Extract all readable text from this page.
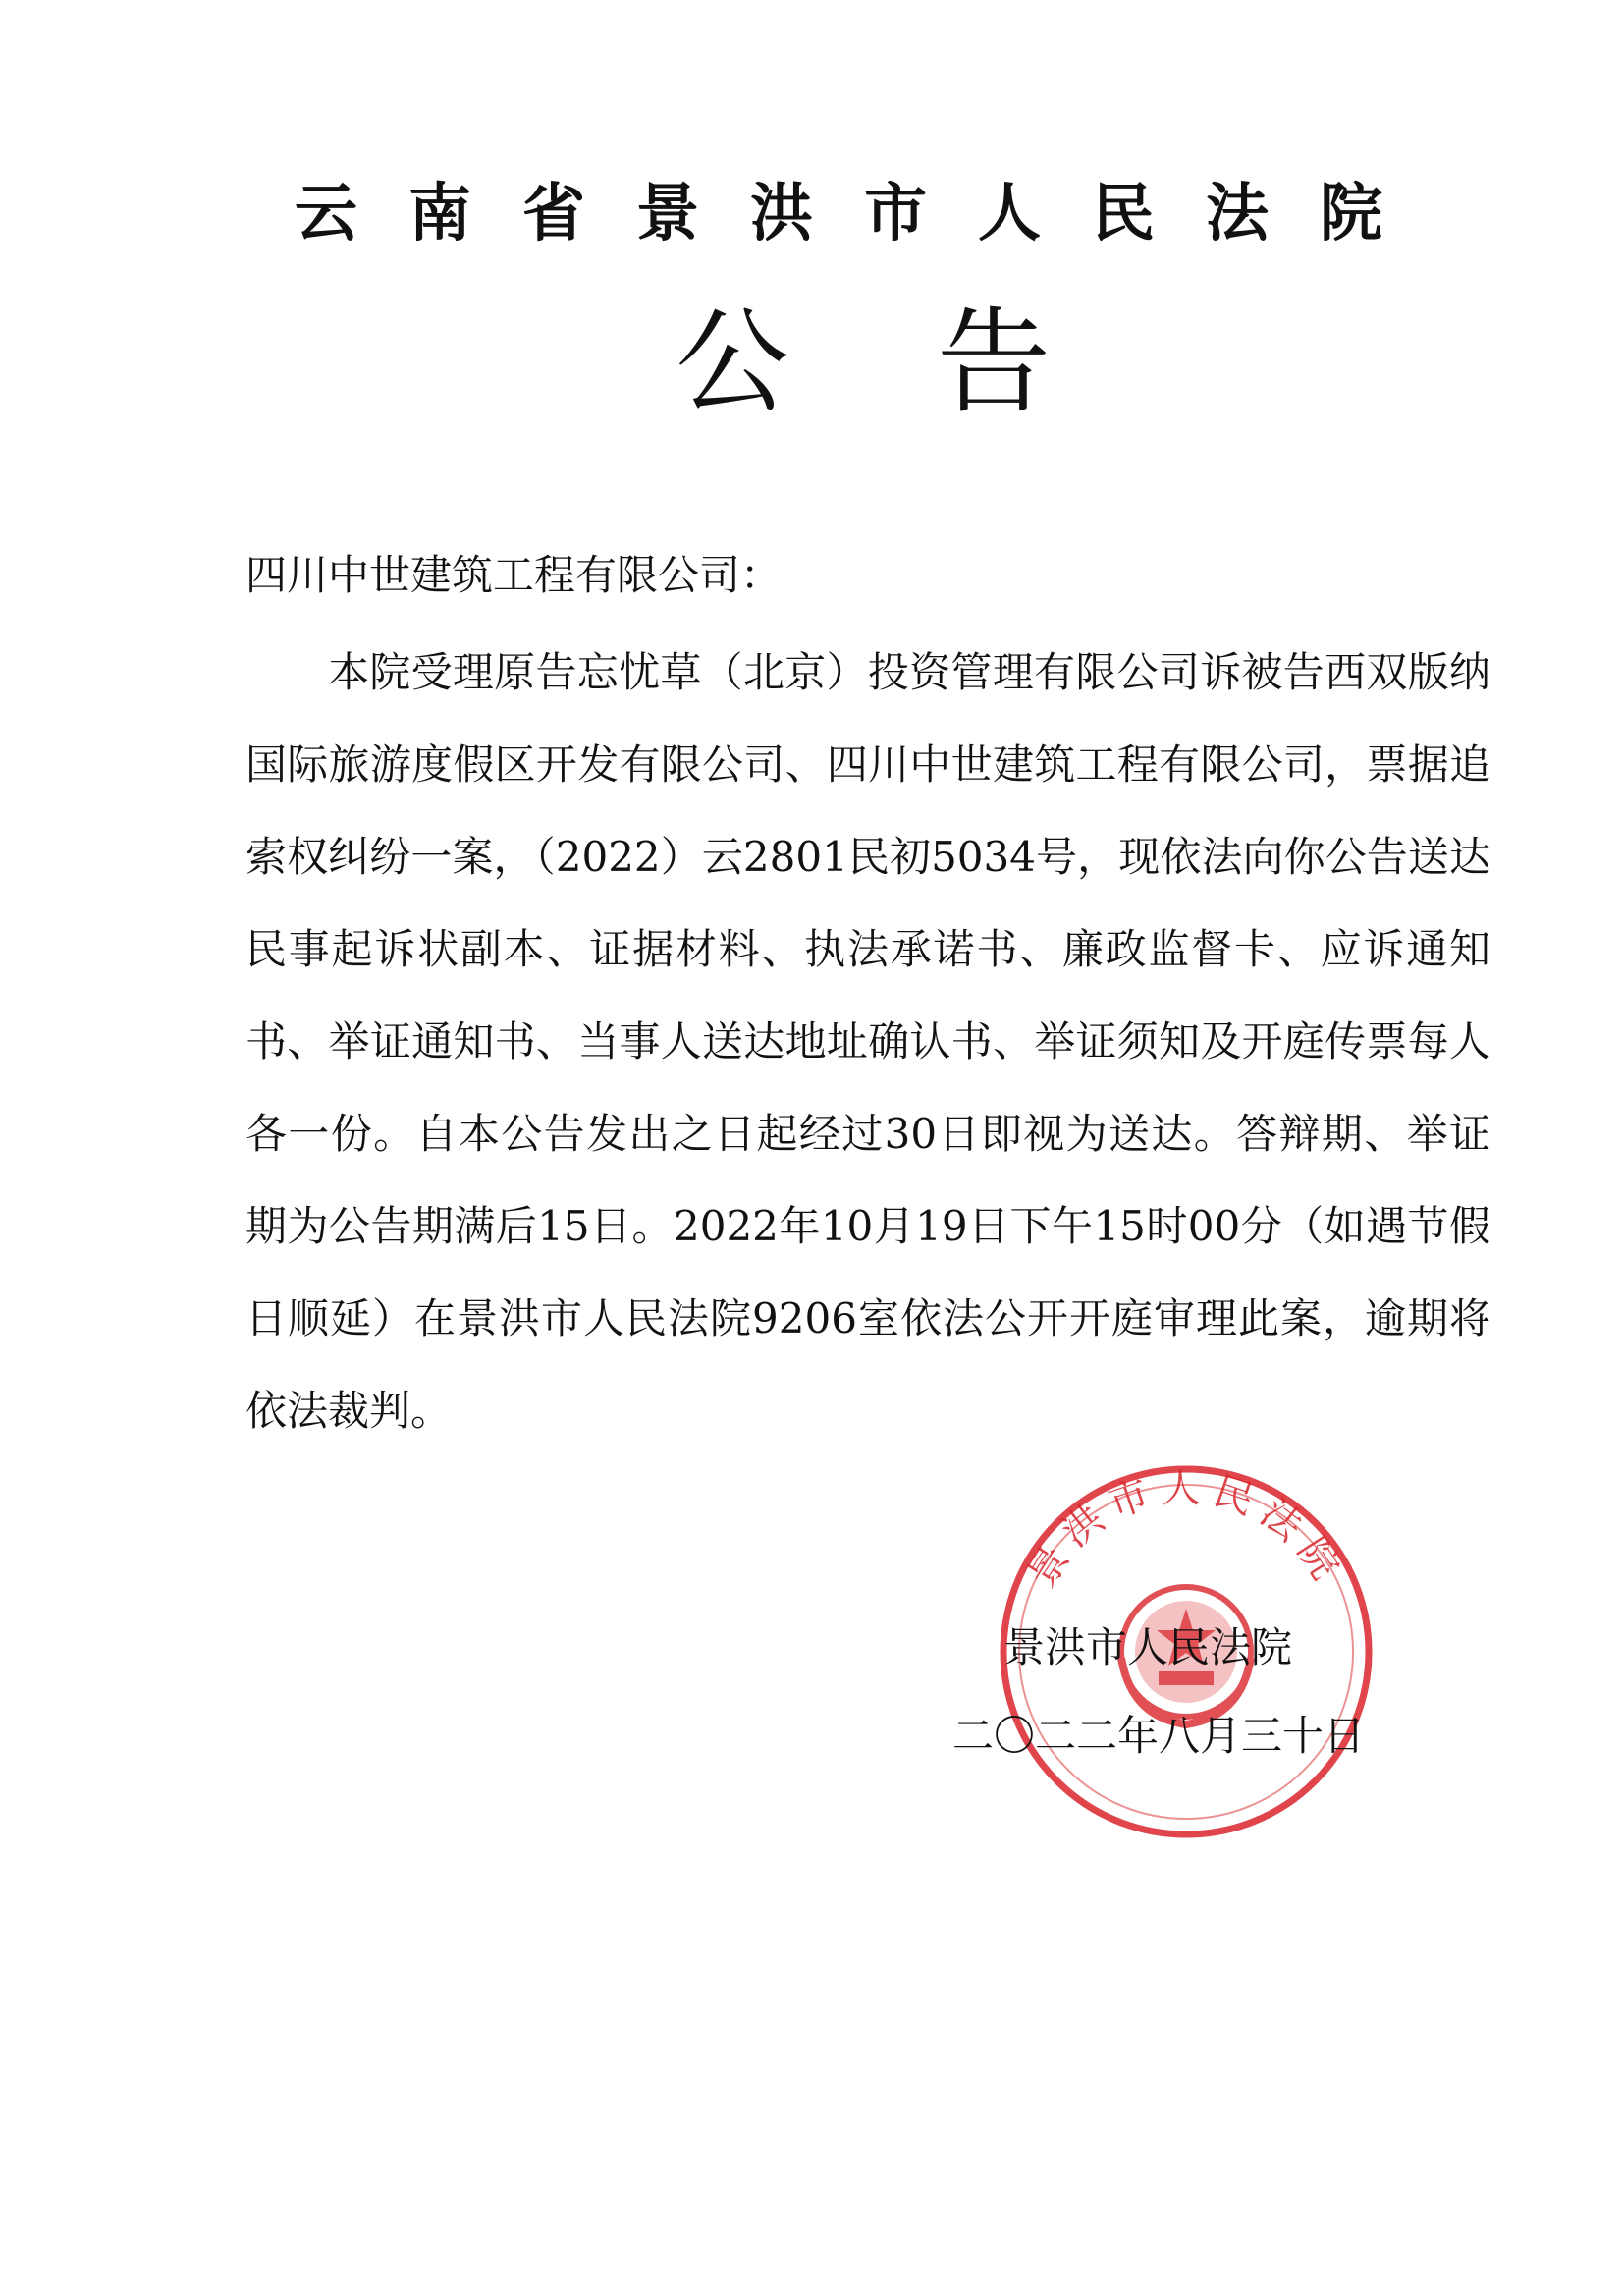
云南省景洪市人民法院
公告
四川中世建筑工程有限公司：

本院受理原告忘忧草（北京）投资管理有限公司诉被告西双版纳国际旅游度假区开发有限公司、四川中世建筑工程有限公司，票据追索权纠纷一案，（2022）云2801民初5034号，现依法向你公告送达民事起诉状副本、证据材料、执法承诺书、廉政监督卡、应诉通知书、举证通知书、当事人送达地址确认书、举证须知及开庭传票每人各一份。自本公告发出之日起经过30日即视为送达。答辩期、举证期为公告期满后15日。2022年10月19日下午15时00分（如遇节假日顺延）在景洪市人民法院9206室依法公开开庭审理此案，逾期将依法裁判。

景洪市人民法院
景洪市人民法院
二〇二二年八月三十日
